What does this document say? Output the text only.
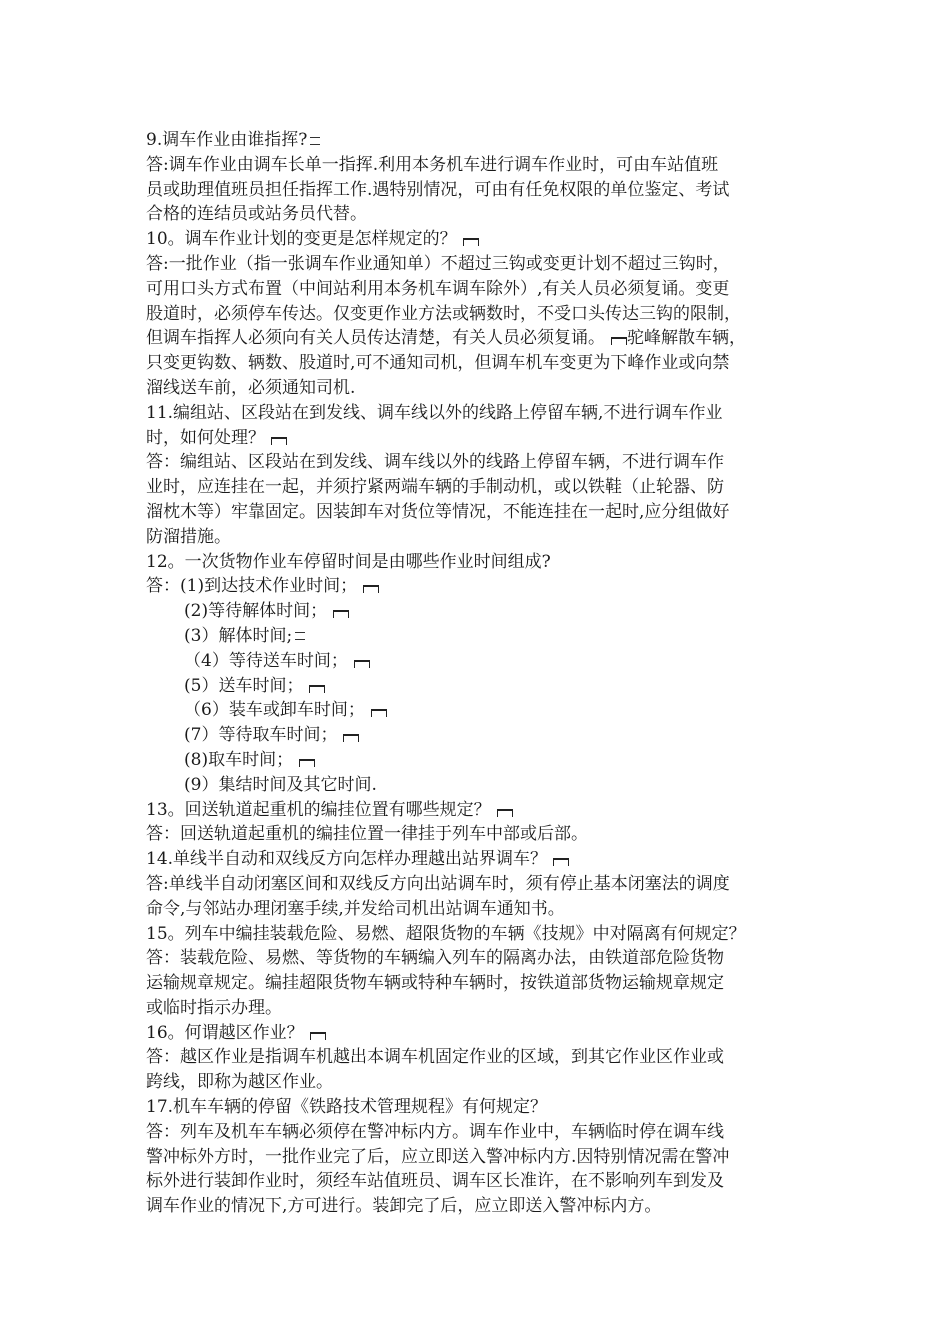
9.调车作业由谁指挥?
答:调车作业由调车长单一指挥.利用本务机车进行调车作业时，可由车站值班
员或助理值班员担任指挥工作.遇特别情况，可由有任免权限的单位鉴定、考试
合格的连结员或站务员代替。
10。调车作业计划的变更是怎样规定的？
答:一批作业（指一张调车作业通知单）不超过三钩或变更计划不超过三钩时，
可用口头方式布置（中间站利用本务机车调车除外）,有关人员必须复诵。变更
股道时，必须停车传达。仅变更作业方法或辆数时，不受口头传达三钩的限制，
但调车指挥人必须向有关人员传达清楚，有关人员必须复诵。 驼峰解散车辆，
只变更钩数、辆数、股道时,可不通知司机，但调车机车变更为下峰作业或向禁
溜线送车前，必须通知司机.
11.编组站、区段站在到发线、调车线以外的线路上停留车辆,不进行调车作业
时，如何处理？
答：编组站、区段站在到发线、调车线以外的线路上停留车辆，不进行调车作
业时，应连挂在一起，并须拧紧两端车辆的手制动机，或以铁鞋（止轮器、防
溜枕木等）牢靠固定。因装卸车对货位等情况，不能连挂在一起时,应分组做好
防溜措施。
12。一次货物作业车停留时间是由哪些作业时间组成?
答：(1)到达技术作业时间；
(2)等待解体时间；
(3）解体时间;
（4）等待送车时间；
(5）送车时间；
（6）装车或卸车时间；
(7）等待取车时间；
(8)取车时间；
(9）集结时间及其它时间.
13。回送轨道起重机的编挂位置有哪些规定？
答：回送轨道起重机的编挂位置一律挂于列车中部或后部。
14.单线半自动和双线反方向怎样办理越出站界调车？
答:单线半自动闭塞区间和双线反方向出站调车时，须有停止基本闭塞法的调度
命令,与邻站办理闭塞手续,并发给司机出站调车通知书。
15。列车中编挂装载危险、易燃、超限货物的车辆《技规》中对隔离有何规定？
答：装载危险、易燃、等货物的车辆编入列车的隔离办法，由铁道部危险货物
运输规章规定。编挂超限货物车辆或特种车辆时，按铁道部货物运输规章规定
或临时指示办理。
16。何谓越区作业？
答：越区作业是指调车机越出本调车机固定作业的区域，到其它作业区作业或
跨线，即称为越区作业。
17.机车车辆的停留《铁路技术管理规程》有何规定？
答：列车及机车车辆必须停在警冲标内方。调车作业中，车辆临时停在调车线
警冲标外方时，一批作业完了后，应立即送入警冲标内方.因特别情况需在警冲
标外进行装卸作业时，须经车站值班员、调车区长准许，在不影响列车到发及
调车作业的情况下,方可进行。装卸完了后，应立即送入警冲标内方。
